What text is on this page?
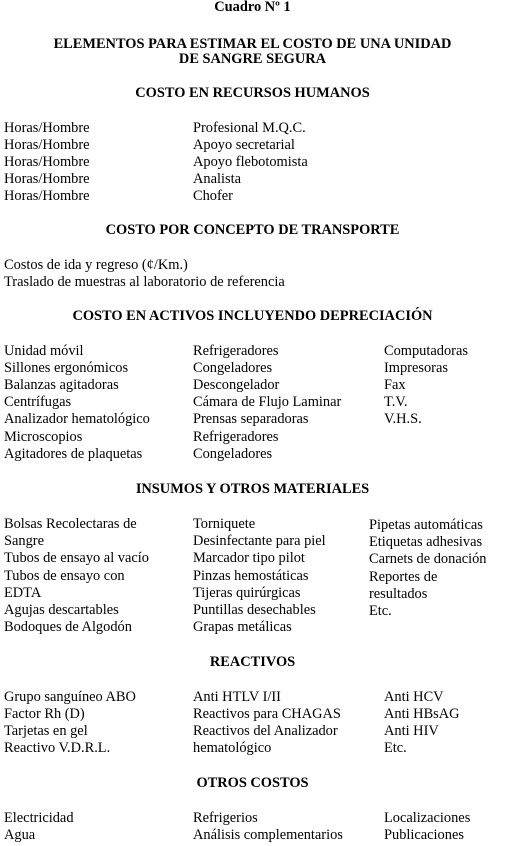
Cuadro Nº 1
ELEMENTOS PARA ESTIMAR EL COSTO DE UNA UNIDAD
DE SANGRE SEGURA
COSTO EN RECURSOS HUMANOS
Horas/Hombre
Horas/Hombre
Horas/Hombre
Horas/Hombre
Horas/Hombre
Profesional M.Q.C.
Apoyo secretarial
Apoyo flebotomista
Analista
Chofer
COSTO POR CONCEPTO DE TRANSPORTE
Costos de ida y regreso (¢/Km.)
Traslado de muestras al laboratorio de referencia
COSTO EN ACTIVOS INCLUYENDO DEPRECIACIÓN
Unidad móvil
Sillones ergonómicos
Balanzas agitadoras
Centrífugas
Analizador hematológico
Microscopios
Agitadores de plaquetas
Refrigeradores
Congeladores
Descongelador
Cámara de Flujo Laminar
Prensas separadoras
Refrigeradores
Congeladores
Computadoras
Impresoras
Fax
T.V.
V.H.S.
INSUMOS Y OTROS MATERIALES
Bolsas Recolectaras de
Sangre
Tubos de ensayo al vacío
Tubos de ensayo con
EDTA
Agujas descartables
Bodoques de Algodón
Torniquete
Desinfectante para piel
Marcador tipo pilot
Pinzas hemostáticas
Tijeras quirúrgicas
Puntillas desechables
Grapas metálicas
Pipetas automáticas
Etiquetas adhesivas
Carnets de donación
Reportes de
resultados
Etc.
REACTIVOS
Grupo sanguíneo ABO
Factor Rh (D)
Tarjetas en gel
Reactivo V.D.R.L.
Anti HTLV I/II
Reactivos para CHAGAS
Reactivos del Analizador
hematológico
Anti HCV
Anti HBsAG
Anti HIV
Etc.
OTROS COSTOS
Electricidad
Agua
Refrigerios
Análisis complementarios
Localizaciones
Publicaciones
